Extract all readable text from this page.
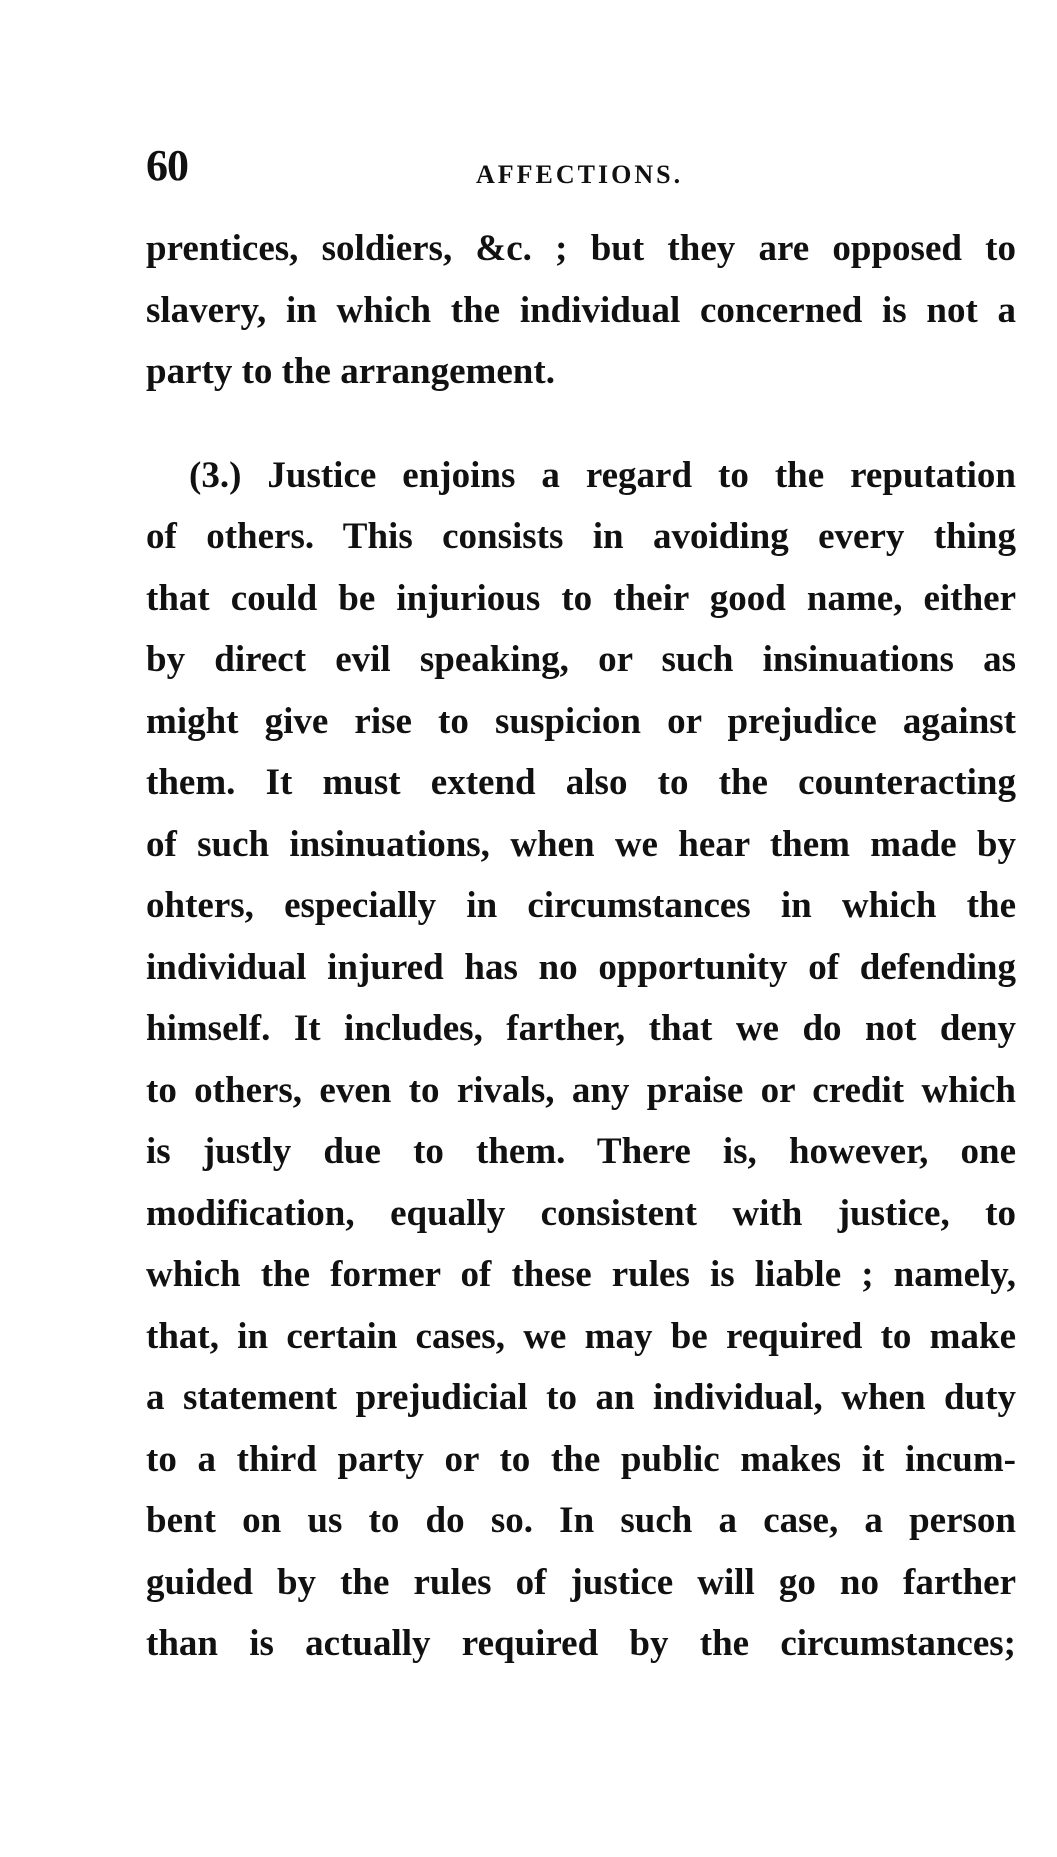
60	AFFECTIONS.
prentices, soldiers, &c. ; but they are opposed to
slavery, in which the individual concerned is not a
party to the arrangement.
(3.) Justice enjoins a regard to the reputation
of others. This consists in avoiding every thing
that could be injurious to their good name, either
by direct evil speaking, or such insinuations as
might give rise to suspicion or prejudice against
them. It must extend also to the counteracting
of such insinuations, when we hear them made by
ohters, especially in circumstances in which the
individual injured has no opportunity of defending
himself. It includes, farther, that we do not deny
to others, even to rivals, any praise or credit which
is justly due to them. There is, however, one
modification, equally consistent with justice, to
which the former of these rules is liable ; namely,
that, in certain cases, we may be required to make
a statement prejudicial to an individual, when duty
to a third party or to the public makes it incum-
bent on us to do so. In such a case, a person
guided by the rules of justice will go no farther
than is actually required by the circumstances;
